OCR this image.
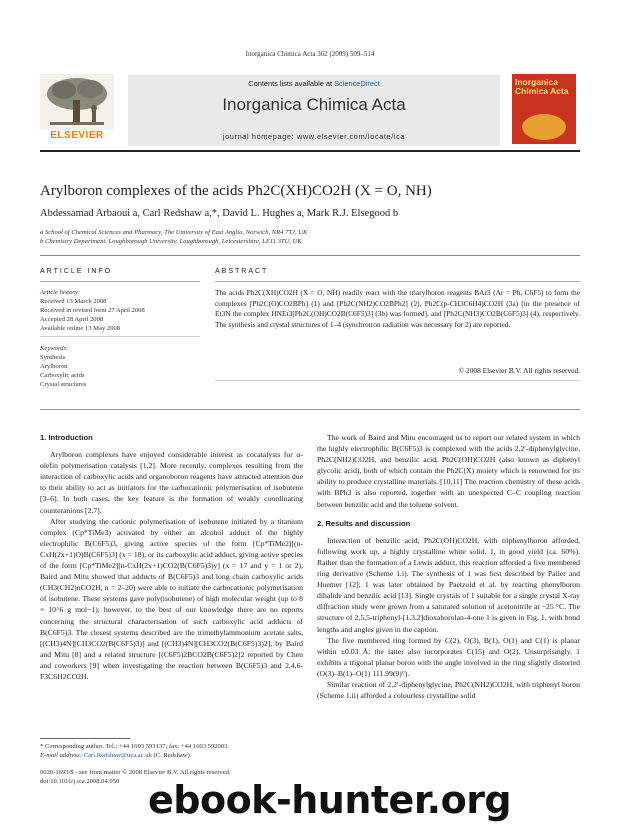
Inorganica Chimica Acta 362 (2009) 509–514
ELSEVIER
Contents lists available at ScienceDirect
Inorganica Chimica Acta
journal homepage: www.elsevier.com/locate/ica
Inorganica Chimica Acta
Arylboron complexes of the acids Ph2C(XH)CO2H (X = O, NH)
Abdessamad Arbaoui a, Carl Redshaw a,*, David L. Hughes a, Mark R.J. Elsegood b
a School of Chemical Sciences and Pharmacy, The University of East Anglia, Norwich, NR4 7TJ, UK
b Chemistry Department, Loughborough University, Loughborough, Leicestershire, LE11 3TU, UK
ARTICLE INFO	ABSTRACT
Article history:
Received 13 March 2008
Received in revised form 27 April 2008
Accepted 28 April 2008
Available online 13 May 2008
Keywords:
Synthesis
Arylboron
Carboxylic acids
Crystal structures
The acids Ph2C(XH)CO2H (X = O, NH) readily react with the triarylboron reagents BAr3 (Ar = Ph, C6F5) to form the complexes [Ph2C(O)CO2BPh] (1) and [Ph2C(NH2)CO2BPh2] (2), Ph2C(p-CH3C6H4)CO2H (3a) [in the presence of Et3N the complex HNEt3[Ph2C(OH)CO2B(C6F5)3] (3b) was formed], and [Ph2C(NH3)CO2B(C6F5)3] (4), respectively. The synthesis and crystal structures of 1–4 (synchrotron radiation was necessary for 2) are reported.
© 2008 Elsevier B.V. All rights reserved.

1. Introduction

Arylboron complexes have enjoyed considerable interest as cocatalysts for α-olefin polymerisation catalysis [1,2]. More recently, complexes resulting from the interaction of carboxylic acids and organoboron reagents have attracted attention due to their ability to act as initiators for the carbocationic polymerisation of isobutene [3–6]. In both cases, the key feature is the formation of weakly coordinating counteranions [2,7].

After studying the cationic polymerisation of isobutene initiated by a titanium complex (Cp*TiMe3) activated by either an alcohol adduct of the highly electrophilic B(C6F5)3, giving active species of the form [Cp*TiMe2][(n-CxH(2x+1)O)B(C6F5)3] (x = 18), or its carboxylic acid adduct, giving active species of the form [Cp*TiMe2][n-CxH(2x+1)CO2(B(C6F5)3)y] (x = 17 and y = 1 or 2), Baird and Mitu showed that adducts of B(C6F5)3 and long chain carboxylic acids (CH3(CH2)nCO2H, n = 2–20) were able to initiate the carbocationic polymerisation of isobutene. These systems gave poly(isobutene) of high molecular weight (up to 8 × 10^6 g mol−1); however, to the best of our knowledge there are no reports concerning the structural characterisation of such carboxylic acid adducts of B(C6F5)3. The closest systems described are the trimethylammonium acetate salts, [(CH3)4N][CH3CO2(B(C6F5)3)] and [(CH3)4N][CH3CO2(B(C6F5)3)2], by Baird and Mitu [8] and a related structure [(C6F5)2BCO2B(C6F5)2]2 reported by Chen and coworkers [9] when investigating the reaction between B(C6F5)3 and 2,4,6-F3C6H2CO2H.

The work of Baird and Mitu encouraged us to report our related system in which the highly electrophilic B(C6F5)3 is complexed with the acids 2,2′-diphenylglycine, Ph2C(NH2)CO2H, and benzilic acid, Ph2C(OH)CO2H (also known as diphenyl glycolic acid), both of which contain the Ph2C(X) moiety which is renowned for its ability to produce crystalline materials. [10,11] The reaction chemistry of these acids with BPh3 is also reported, together with an unexpected C–C coupling reaction between benzilic acid and the toluene solvent.

2. Results and discussion

Interaction of benzilic acid, Ph2C(OH)CO2H, with triphenylboron afforded, following work up, a highly crystalline white solid, 1, in good yield (ca. 60%). Rather than the formation of a Lewis adduct, this reaction afforded a five membered ring derivative (Scheme 1.i). The synthesis of 1 was first described by Pailer and Huemer [12]; 1 was later obtained by Paetzold et al. by reacting phenylboron dihalide and benzilic acid [13]. Single crystals of 1 suitable for a single crystal X-ray diffraction study were grown from a saturated solution of acetonitrile at −25 °C. The structure of 2,5,5-triphenyl-[1,3,2]dioxaborolan-4-one 1 is given in Fig. 1, with bond lengths and angles given in the caption.

The five membered ring formed by C(2), O(3), B(1), O(1) and C(1) is planar within ±0.03 Å; the latter also incorporates C(15) and O(2). Unsurprisingly, 1 exhibits a trigonal planar boron with the angle involved in the ring slightly distorted (O(3)–B(1)–O(1) 111.99(9)°).

Similar reaction of 2,2′-diphenylglycine, Ph2C(NH2)CO2H, with triphenyl boron (Scheme 1.ii) afforded a colourless crystalline solid

* Corresponding author. Tel.: +44 1603 593137; fax: +44 1603 592003.
E-mail address: Carl.Redshaw@uea.ac.uk (C. Redshaw).
0020-1693/$ - see front matter © 2008 Elsevier B.V. All rights reserved.
doi:10.1016/j.ica.2008.04.050 ebook-hunter.org
